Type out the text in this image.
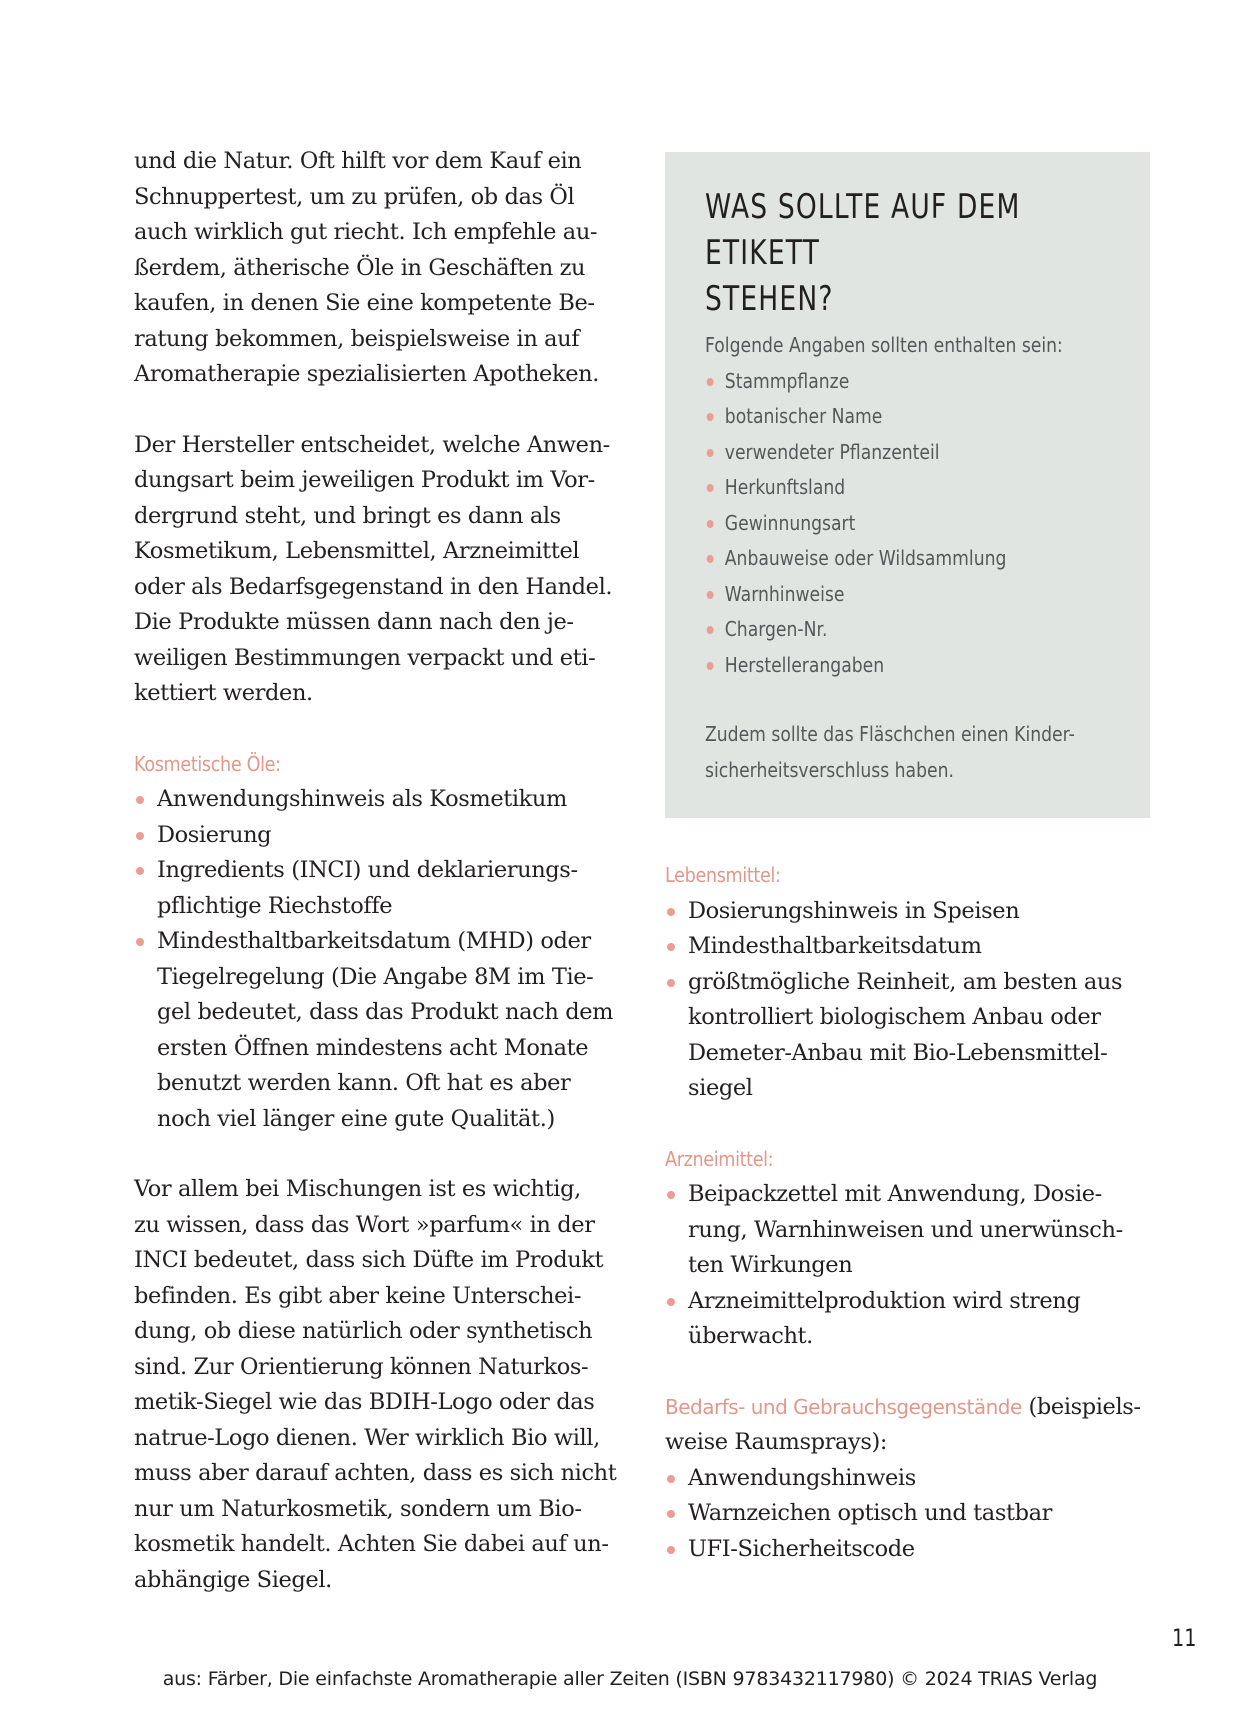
und die Natur. Oft hilft vor dem Kauf ein
Schnuppertest, um zu prüfen, ob das Öl
auch wirklich gut riecht. Ich empfehle au-
ßerdem, ätherische Öle in Geschäften zu
kaufen, in denen Sie eine kompetente Be-
ratung bekommen, beispielsweise in auf
Aromatherapie spezialisierten Apotheken.

Der Hersteller entscheidet, welche Anwen-
dungsart beim jeweiligen Produkt im Vor-
dergrund steht, und bringt es dann als
Kosmetikum, Lebensmittel, Arzneimittel
oder als Bedarfsgegenstand in den Handel.
Die Produkte müssen dann nach den je-
weiligen Bestimmungen verpackt und eti-
kettiert werden.

Kosmetische Öle:
Anwendungshinweis als Kosmetikum
Dosierung
Ingredients (INCI) und deklarierungs-
pflichtige Riechstoffe
Mindesthaltbarkeitsdatum (MHD) oder
Tiegelregelung (Die Angabe 8M im Tie-
gel bedeutet, dass das Produkt nach dem
ersten Öffnen mindestens acht Monate
benutzt werden kann. Oft hat es aber
noch viel länger eine gute Qualität.)

Vor allem bei Mischungen ist es wichtig,
zu wissen, dass das Wort »parfum« in der
INCI bedeutet, dass sich Düfte im Produkt
befinden. Es gibt aber keine Unterschei-
dung, ob diese natürlich oder synthetisch
sind. Zur Orientierung können Naturkos-
metik-Siegel wie das BDIH-Logo oder das
natrue-Logo dienen. Wer wirklich Bio will,
muss aber darauf achten, dass es sich nicht
nur um Naturkosmetik, sondern um Bio-
kosmetik handelt. Achten Sie dabei auf un-
abhängige Siegel.

WAS SOLLTE AUF DEM ETIKETT
STEHEN?
Folgende Angaben sollten enthalten sein:
Stammpflanze
botanischer Name
verwendeter Pflanzenteil
Herkunftsland
Gewinnungsart
Anbauweise oder Wildsammlung
Warnhinweise
Chargen-Nr.
Herstellerangaben
Zudem sollte das Fläschchen einen Kinder-
sicherheitsverschluss haben.
Lebensmittel:
Dosierungshinweis in Speisen
Mindesthaltbarkeitsdatum
größtmögliche Reinheit, am besten aus
kontrolliert biologischem Anbau oder
Demeter-Anbau mit Bio-Lebensmittel-
siegel
Arzneimittel:
Beipackzettel mit Anwendung, Dosie-
rung, Warnhinweisen und unerwünsch-
ten Wirkungen
Arzneimittelproduktion wird streng
überwacht.
Bedarfs- und Gebrauchsgegenstände (beispiels-
weise Raumsprays):
Anwendungshinweis
Warnzeichen optisch und tastbar
UFI-Sicherheitscode
11
aus: Färber, Die einfachste Aromatherapie aller Zeiten (ISBN 9783432117980) © 2024 TRIAS Verlag
